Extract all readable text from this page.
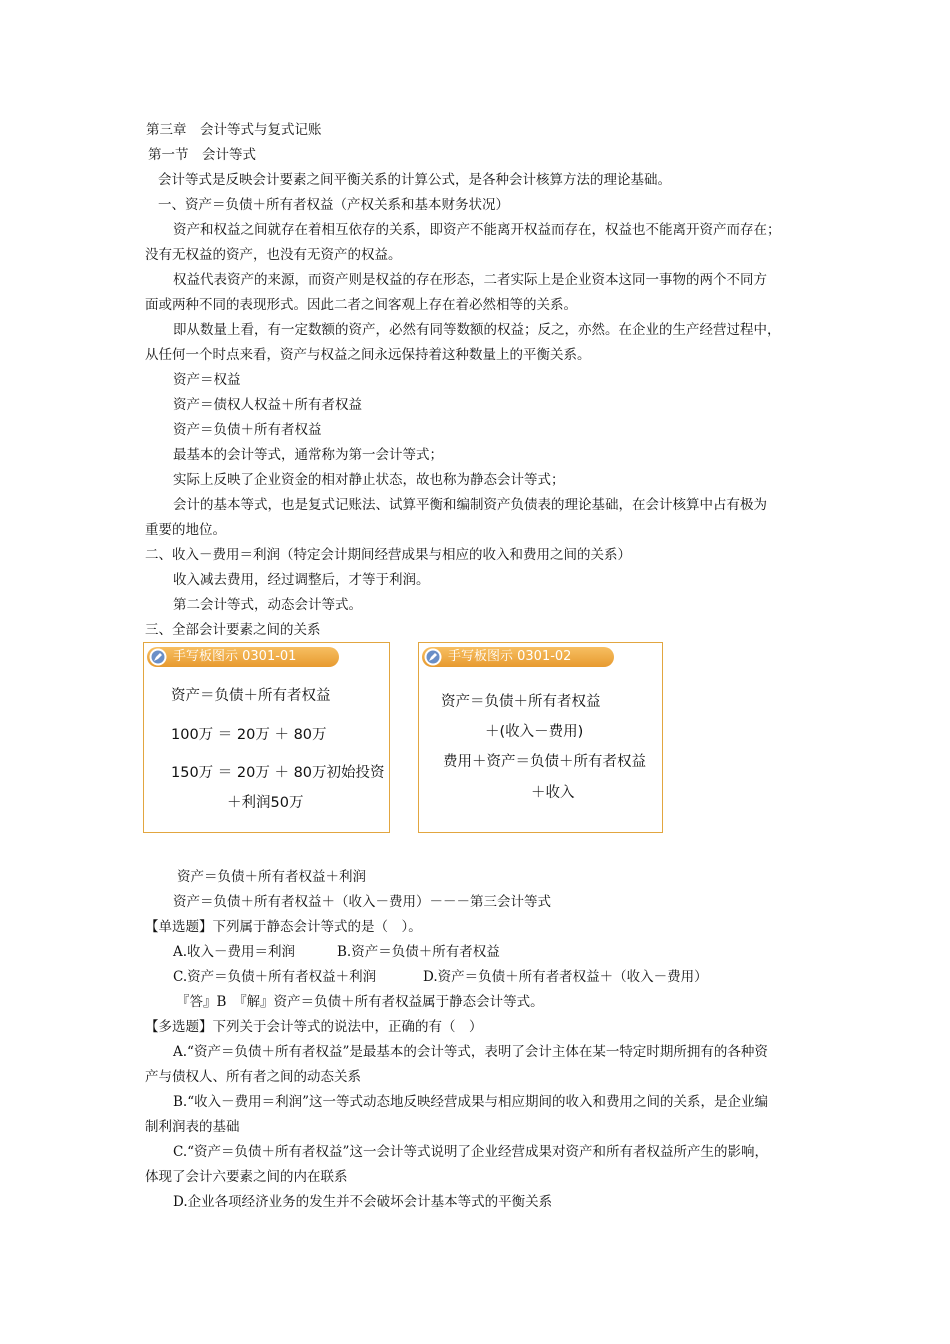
第三章　会计等式与复式记账
第一节　会计等式
会计等式是反映会计要素之间平衡关系的计算公式，是各种会计核算方法的理论基础。
一、资产＝负债＋所有者权益（产权关系和基本财务状况）
资产和权益之间就存在着相互依存的关系，即资产不能离开权益而存在，权益也不能离开资产而存在；
没有无权益的资产，也没有无资产的权益。
权益代表资产的来源，而资产则是权益的存在形态，二者实际上是企业资本这同一事物的两个不同方
面或两种不同的表现形式。因此二者之间客观上存在着必然相等的关系。
即从数量上看，有一定数额的资产，必然有同等数额的权益；反之，亦然。在企业的生产经营过程中，
从任何一个时点来看，资产与权益之间永远保持着这种数量上的平衡关系。
资产＝权益
资产＝债权人权益＋所有者权益
资产＝负债＋所有者权益
最基本的会计等式，通常称为第一会计等式；
实际上反映了企业资金的相对静止状态，故也称为静态会计等式；
会计的基本等式，也是复式记账法、试算平衡和编制资产负债表的理论基础，在会计核算中占有极为
重要的地位。
二、收入－费用＝利润（特定会计期间经营成果与相应的收入和费用之间的关系）
收入减去费用，经过调整后，才等于利润。
第二会计等式，动态会计等式。
三、全部会计要素之间的关系
手写板图示 0301-01
资产＝负债＋所有者权益
100万 ＝ 20万 ＋ 80万
150万 ＝ 20万 ＋ 80万初始投资
＋利润50万
手写板图示 0301-02
资产＝负债＋所有者权益
＋(收入－费用)
费用＋资产＝负债＋所有者权益
＋收入
资产＝负债＋所有者权益＋利润
资产＝负债＋所有者权益＋（收入－费用）－－－第三会计等式
【单选题】下列属于静态会计等式的是（　）。
A.收入－费用＝利润	B.资产＝负债＋所有者权益
C.资产＝负债＋所有者权益＋利润	D.资产＝负债＋所有者者权益＋（收入－费用）
『答』B　『解』资产＝负债＋所有者权益属于静态会计等式。
【多选题】下列关于会计等式的说法中，正确的有（　）
A.“资产＝负债＋所有者权益”是最基本的会计等式，表明了会计主体在某一特定时期所拥有的各种资
产与债权人、所有者之间的动态关系
B.“收入－费用＝利润”这一等式动态地反映经营成果与相应期间的收入和费用之间的关系，是企业编
制利润表的基础
C.“资产＝负债＋所有者权益”这一会计等式说明了企业经营成果对资产和所有者权益所产生的影响，
体现了会计六要素之间的内在联系
D.企业各项经济业务的发生并不会破坏会计基本等式的平衡关系
